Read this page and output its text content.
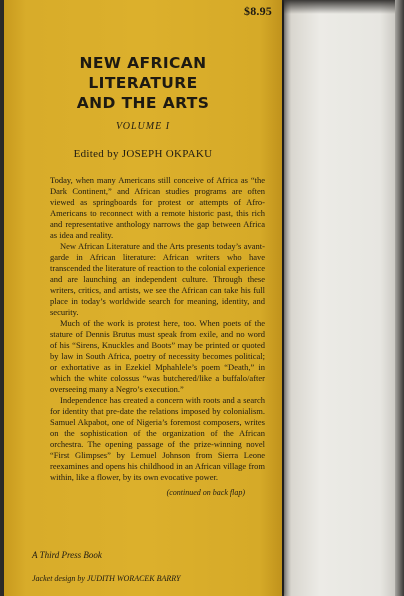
$8.95
NEW AFRICAN
LITERATURE
AND THE ARTS
VOLUME I
Edited by JOSEPH OKPAKU

Today, when many Americans still conceive of Africa as “the Dark Continent,” and African studies programs are often viewed as springboards for protest or attempts of Afro-Americans to reconnect with a remote historic past, this rich and representative anthology narrows the gap between Africa as idea and reality.

New African Literature and the Arts presents today’s avant-garde in African literature: African writers who have transcended the literature of reaction to the colonial experience and are launching an independent culture. Through these writers, critics, and artists, we see the African can take his full place in today’s worldwide search for meaning, identity, and security.

Much of the work is protest here, too. When poets of the stature of Dennis Brutus must speak from exile, and no word of his “Sirens, Knuckles and Boots” may be printed or quoted by law in South Africa, poetry of necessity becomes political; or exhortative as in Ezekiel Mphahlele’s poem “Death,” in which the white colossus “was butchered/like a buffalo/after overseeing many a Negro’s execution.”

Independence has created a concern with roots and a search for identity that pre-date the relations imposed by colonialism. Samuel Akpabot, one of Nigeria’s foremost composers, writes on the sophistication of the organization of the African orchestra. The opening passage of the prize-winning novel “First Glimpses” by Lemuel Johnson from Sierra Leone reexamines and opens his childhood in an African village from within, like a flower, by its own evocative power.

(continued on back flap)
A Third Press Book
Jacket design by JUDITH WORACEK BARRY
